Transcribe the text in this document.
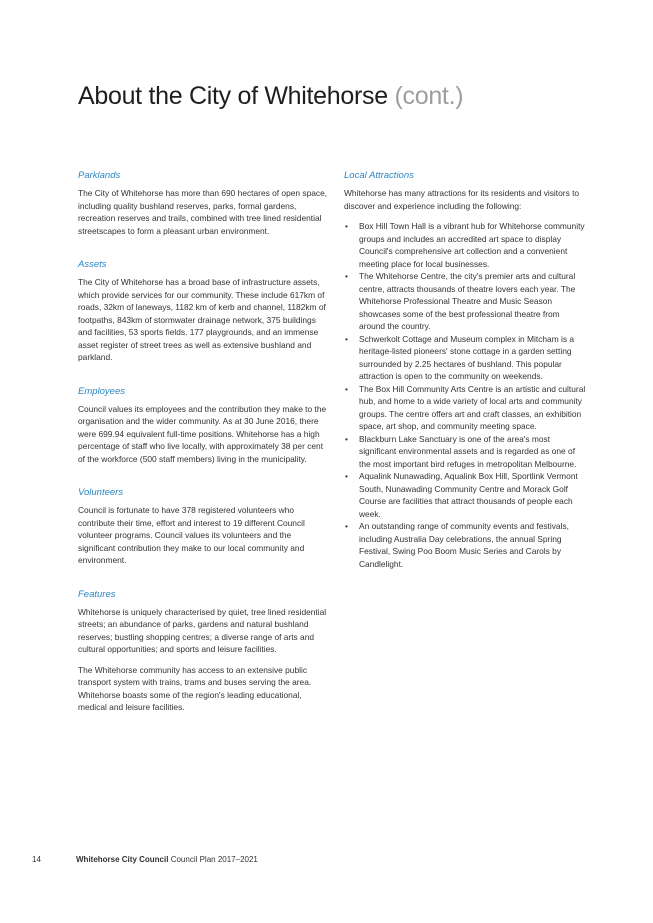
About the City of Whitehorse (cont.)
Parklands

The City of Whitehorse has more than 690 hectares of open space, including quality bushland reserves, parks, formal gardens, recreation reserves and trails, combined with tree lined residential streetscapes to form a pleasant urban environment.

Assets

The City of Whitehorse has a broad base of infrastructure assets, which provide services for our community. These include 617km of roads, 32km of laneways, 1182 km of kerb and channel, 1182km of footpaths, 843km of stormwater drainage network, 375 buildings and facilities, 53 sports fields. 177 playgrounds, and an immense asset register of street trees as well as extensive bushland and parkland.

Employees

Council values its employees and the contribution they make to the organisation and the wider community. As at 30 June 2016, there were 699.94 equivalent full-time positions. Whitehorse has a high percentage of staff who live locally, with approximately 38 per cent of the workforce (500 staff members) living in the municipality.

Volunteers

Council is fortunate to have 378 registered volunteers who contribute their time, effort and interest to 19 different Council volunteer programs. Council values its volunteers and the significant contribution they make to our local community and environment.

Features

Whitehorse is uniquely characterised by quiet, tree lined residential streets; an abundance of parks, gardens and natural bushland reserves; bustling shopping centres; a diverse range of arts and cultural opportunities; and sports and leisure facilities.

The Whitehorse community has access to an extensive public transport system with trains, trams and buses serving the area. Whitehorse boasts some of the region's leading educational, medical and leisure facilities.

Local Attractions

Whitehorse has many attractions for its residents and visitors to discover and experience including the following:

• Box Hill Town Hall is a vibrant hub for Whitehorse community groups and includes an accredited art space to display Council's comprehensive art collection and a convenient meeting place for local businesses.
• The Whitehorse Centre, the city's premier arts and cultural centre, attracts thousands of theatre lovers each year. The Whitehorse Professional Theatre and Music Season showcases some of the best professional theatre from around the country.
• Schwerkolt Cottage and Museum complex in Mitcham is a heritage-listed pioneers' stone cottage in a garden setting surrounded by 2.25 hectares of bushland. This popular attraction is open to the community on weekends.
• The Box Hill Community Arts Centre is an artistic and cultural hub, and home to a wide variety of local arts and community groups. The centre offers art and craft classes, an exhibition space, art shop, and community meeting space.
• Blackburn Lake Sanctuary is one of the area's most significant environmental assets and is regarded as one of the most important bird refuges in metropolitan Melbourne.
• Aqualink Nunawading, Aqualink Box Hill, Sportlink Vermont South, Nunawading Community Centre and Morack Golf Course are facilities that attract thousands of people each week.
• An outstanding range of community events and festivals, including Australia Day celebrations, the annual Spring Festival, Swing Poo Boom Music Series and Carols by Candlelight.
14	Whitehorse City Council Council Plan 2017–2021
